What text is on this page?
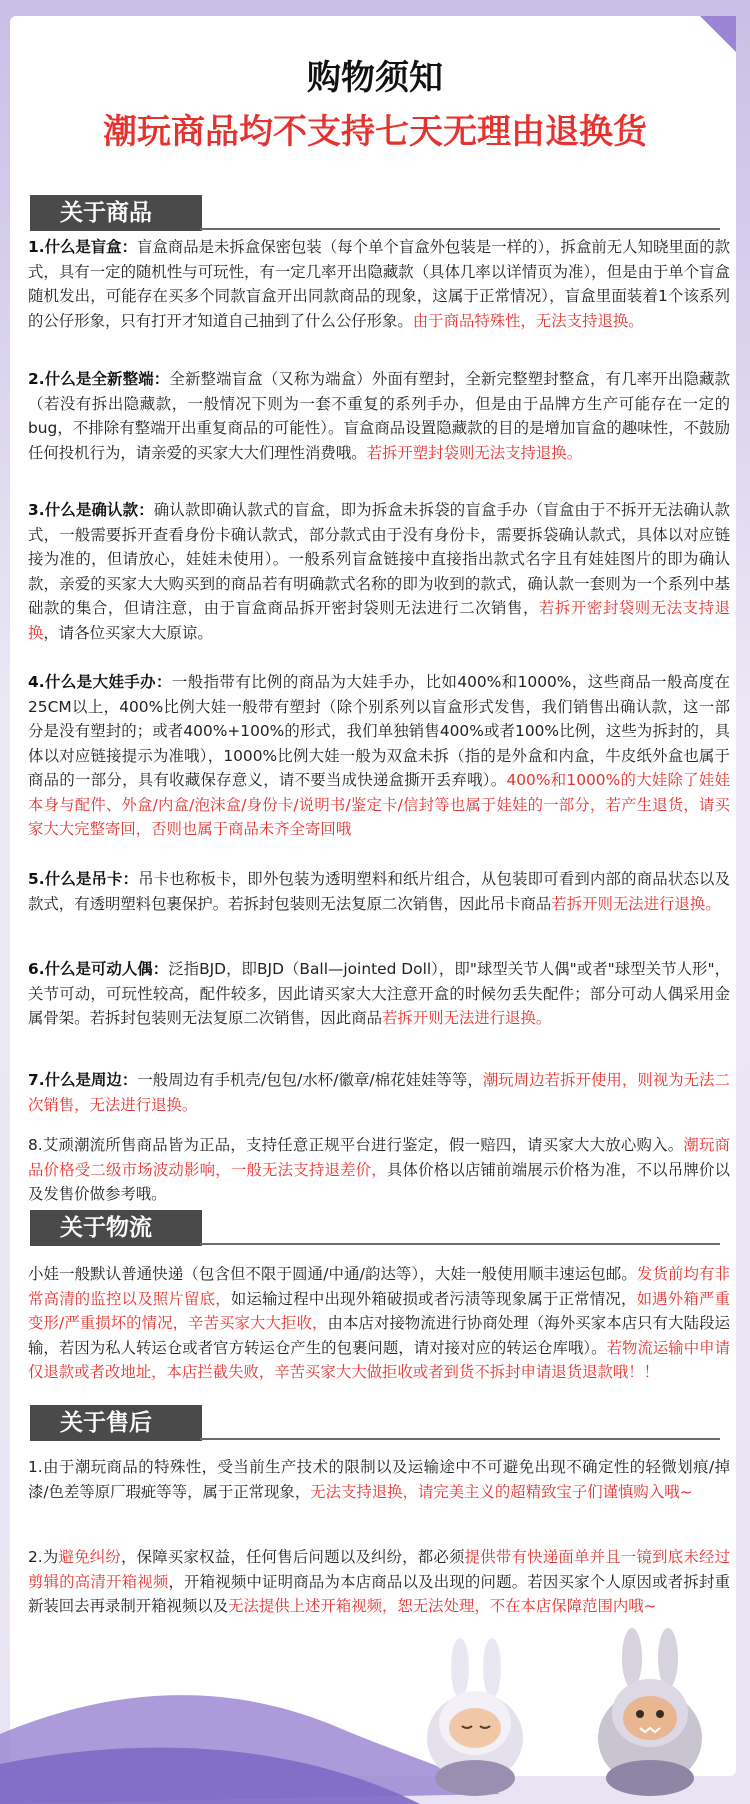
购物须知
潮玩商品均不支持七天无理由退换货
关于商品
1.什么是盲盒：盲盒商品是未拆盒保密包装（每个单个盲盒外包装是一样的），拆盒前无人知晓里面的款式，具有一定的随机性与可玩性，有一定几率开出隐藏款（具体几率以详情页为准），但是由于单个盲盒随机发出，可能存在买多个同款盲盒开出同款商品的现象，这属于正常情况），盲盒里面装着1个该系列的公仔形象，只有打开才知道自己抽到了什么公仔形象。由于商品特殊性，无法支持退换。
2.什么是全新整端：全新整端盲盒（又称为端盒）外面有塑封，全新完整塑封整盒，有几率开出隐藏款（若没有拆出隐藏款，一般情况下则为一套不重复的系列手办，但是由于品牌方生产可能存在一定的bug，不排除有整端开出重复商品的可能性）。盲盒商品设置隐藏款的目的是增加盲盒的趣味性，不鼓励任何投机行为，请亲爱的买家大大们理性消费哦。若拆开塑封袋则无法支持退换。
3.什么是确认款：确认款即确认款式的盲盒，即为拆盒未拆袋的盲盒手办（盲盒由于不拆开无法确认款式，一般需要拆开查看身份卡确认款式，部分款式由于没有身份卡，需要拆袋确认款式，具体以对应链接为准的，但请放心，娃娃未使用）。一般系列盲盒链接中直接指出款式名字且有娃娃图片的即为确认款，亲爱的买家大大购买到的商品若有明确款式名称的即为收到的款式，确认款一套则为一个系列中基础款的集合，但请注意，由于盲盒商品拆开密封袋则无法进行二次销售，若拆开密封袋则无法支持退换，请各位买家大大原谅。
4.什么是大娃手办：一般指带有比例的商品为大娃手办，比如400%和1000%，这些商品一般高度在25CM以上，400%比例大娃一般带有塑封（除个别系列以盲盒形式发售，我们销售出确认款，这一部分是没有塑封的；或者400%+100%的形式，我们单独销售400%或者100%比例，这些为拆封的，具体以对应链接提示为准哦），1000%比例大娃一般为双盒未拆（指的是外盒和内盒，牛皮纸外盒也属于商品的一部分，具有收藏保存意义，请不要当成快递盒撕开丢弃哦）。400%和1000%的大娃除了娃娃本身与配件、外盒/内盒/泡沫盒/身份卡/说明书/鉴定卡/信封等也属于娃娃的一部分，若产生退货，请买家大大完整寄回，否则也属于商品未齐全寄回哦
5.什么是吊卡：吊卡也称板卡，即外包装为透明塑料和纸片组合，从包装即可看到内部的商品状态以及款式，有透明塑料包裹保护。若拆封包装则无法复原二次销售，因此吊卡商品若拆开则无法进行退换。
6.什么是可动人偶：泛指BJD，即BJD（Ball—jointed Doll），即"球型关节人偶"或者"球型关节人形"，关节可动，可玩性较高，配件较多，因此请买家大大注意开盒的时候勿丢失配件；部分可动人偶采用金属骨架。若拆封包装则无法复原二次销售，因此商品若拆开则无法进行退换。
7.什么是周边：一般周边有手机壳/包包/水杯/徽章/棉花娃娃等等，潮玩周边若拆开使用，则视为无法二次销售，无法进行退换。
8.艾顽潮流所售商品皆为正品，支持任意正规平台进行鉴定，假一赔四，请买家大大放心购入。潮玩商品价格受二级市场波动影响，一般无法支持退差价，具体价格以店铺前端展示价格为准，不以吊牌价以及发售价做参考哦。
关于物流
小娃一般默认普通快递（包含但不限于圆通/中通/韵达等），大娃一般使用顺丰速运包邮。发货前均有非常高清的监控以及照片留底，如运输过程中出现外箱破损或者污渍等现象属于正常情况，如遇外箱严重变形/严重损坏的情况，辛苦买家大大拒收，由本店对接物流进行协商处理（海外买家本店只有大陆段运输，若因为私人转运仓或者官方转运仓产生的包裹问题，请对接对应的转运仓库哦）。若物流运输中申请仅退款或者改地址，本店拦截失败，辛苦买家大大做拒收或者到货不拆封申请退货退款哦！！
关于售后
1.由于潮玩商品的特殊性，受当前生产技术的限制以及运输途中不可避免出现不确定性的轻微划痕/掉漆/色差等原厂瑕疵等等，属于正常现象，无法支持退换，请完美主义的超精致宝子们谨慎购入哦~
2.为避免纠纷，保障买家权益，任何售后问题以及纠纷，都必须提供带有快递面单并且一镜到底未经过剪辑的高清开箱视频，开箱视频中证明商品为本店商品以及出现的问题。若因买家个人原因或者拆封重新装回去再录制开箱视频以及无法提供上述开箱视频，恕无法处理，不在本店保障范围内哦~
